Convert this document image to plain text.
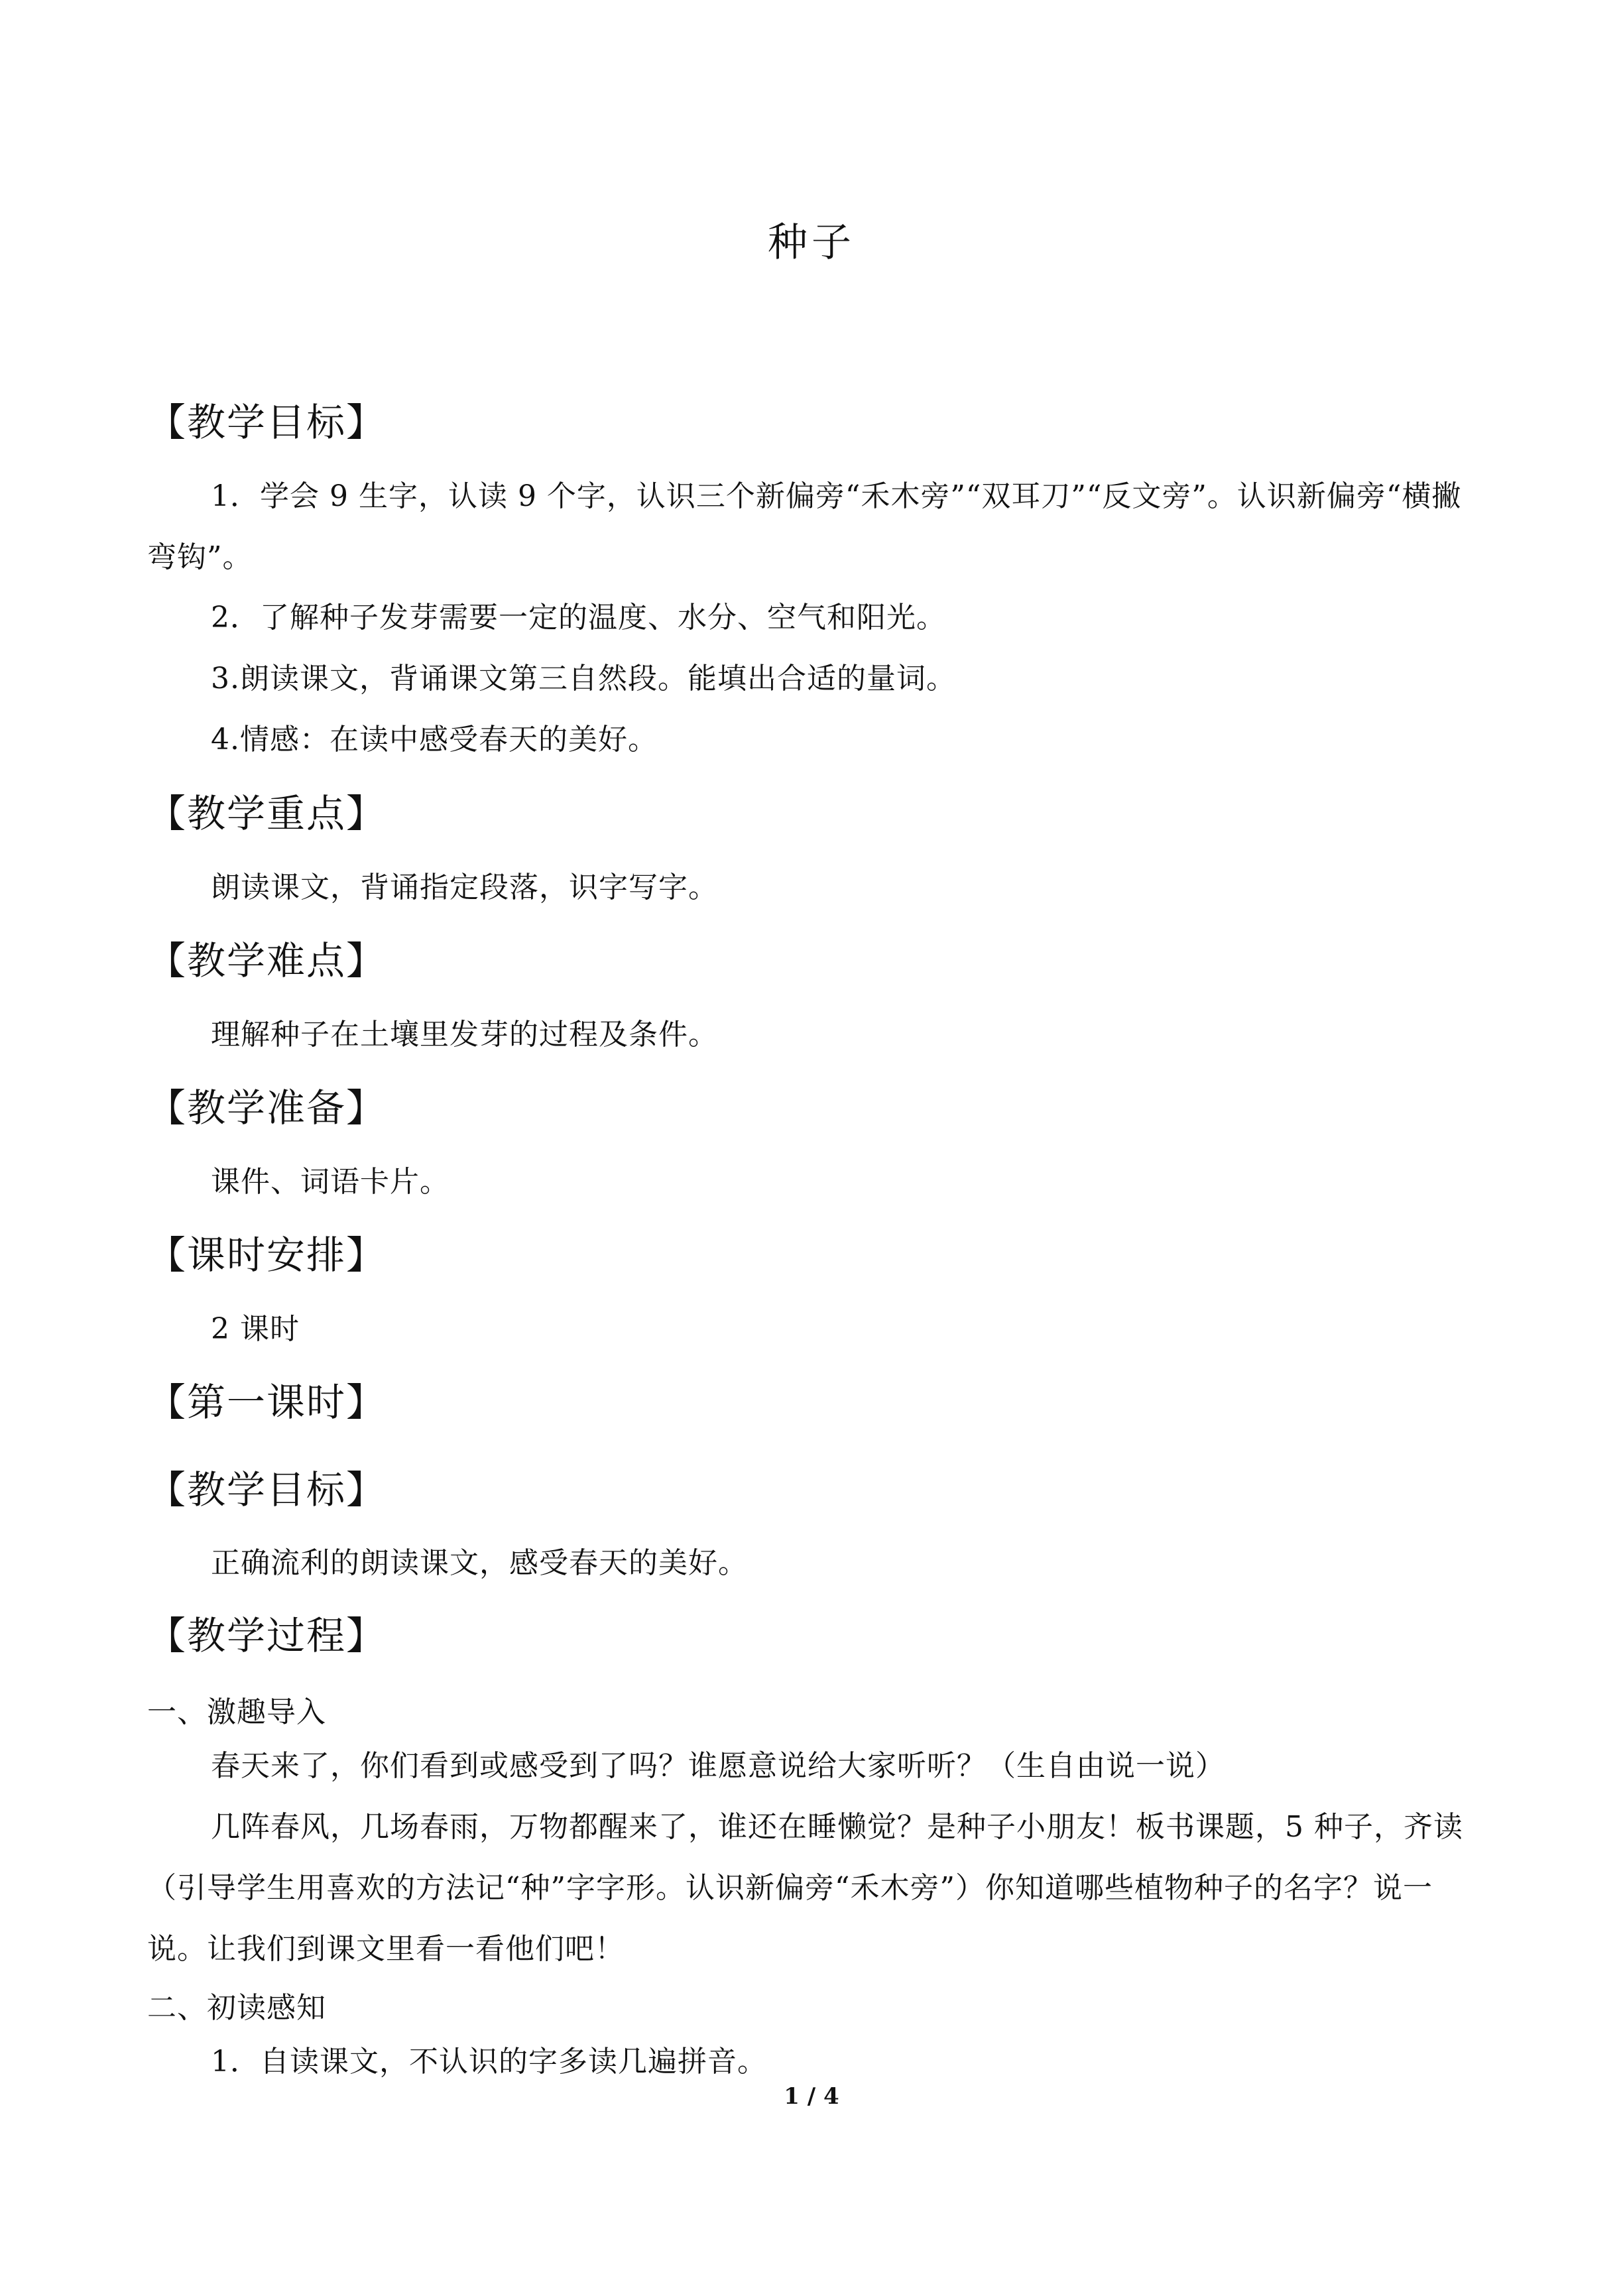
种子
【教学目标】
1．学会 9 生字，认读 9 个字，认识三个新偏旁“禾木旁”“双耳刀”“反文旁”。认识新偏旁“横撇弯钩”。
2．了解种子发芽需要一定的温度、水分、空气和阳光。
3.朗读课文，背诵课文第三自然段。能填出合适的量词。
4.情感：在读中感受春天的美好。
【教学重点】
朗读课文，背诵指定段落，识字写字。
【教学难点】
理解种子在土壤里发芽的过程及条件。
【教学准备】
课件、词语卡片。
【课时安排】
2 课时
【第一课时】
【教学目标】
正确流利的朗读课文，感受春天的美好。
【教学过程】
一、激趣导入
春天来了，你们看到或感受到了吗？谁愿意说给大家听听？（生自由说一说）
几阵春风，几场春雨，万物都醒来了，谁还在睡懒觉？是种子小朋友！板书课题，5 种子，齐读（引导学生用喜欢的方法记“种”字字形。认识新偏旁“禾木旁”）你知道哪些植物种子的名字？说一说。让我们到课文里看一看他们吧！
二、初读感知
1．自读课文，不认识的字多读几遍拼音。
1 / 4
